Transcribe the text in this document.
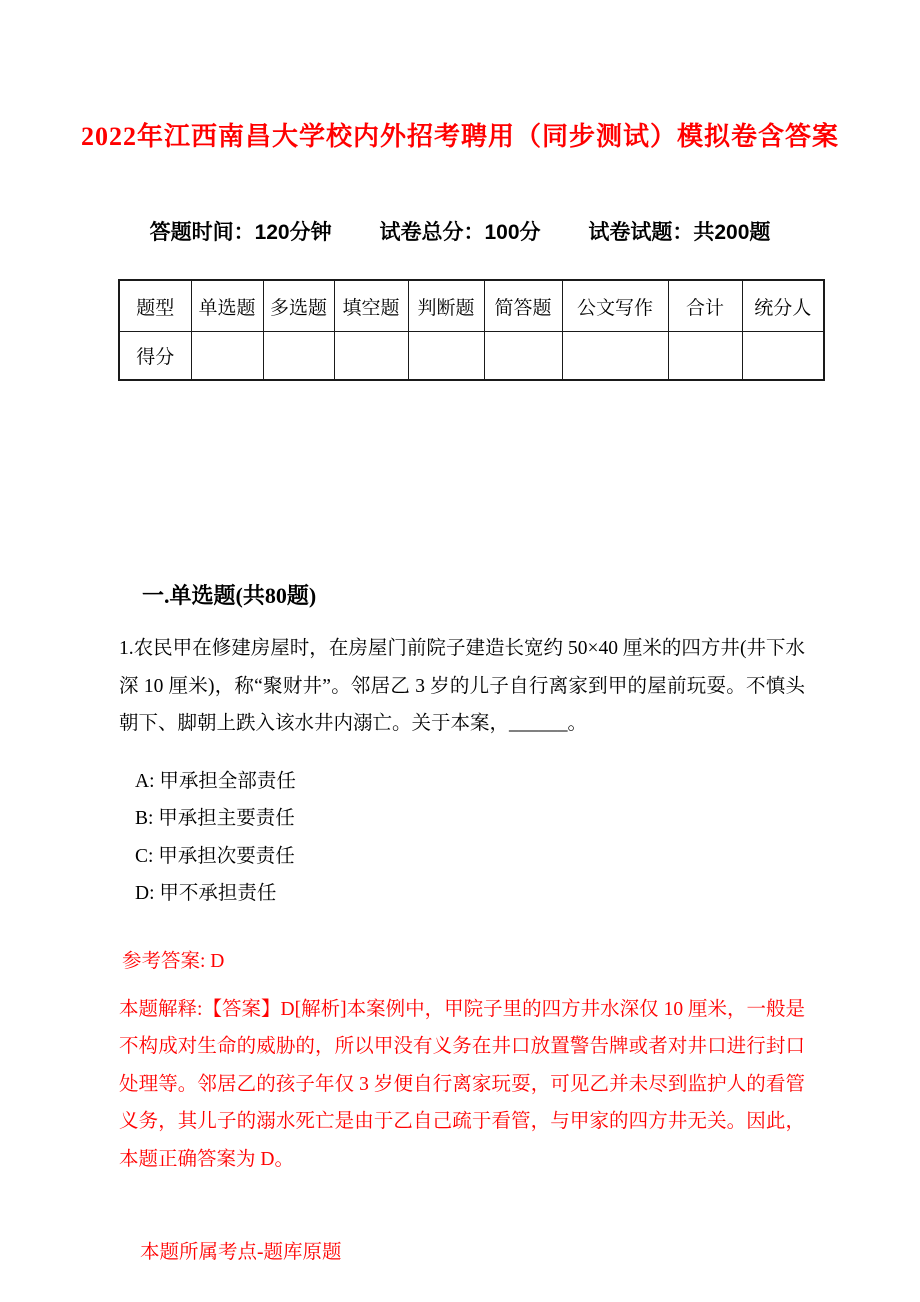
2022年江西南昌大学校内外招考聘用（同步测试）模拟卷含答案
答题时间：120分钟 试卷总分：100分 试卷试题：共200题
题型	单选题	多选题	填空题	判断题	简答题	公文写作	合计	统分人
得分								
一.单选题(共80题)

1.农民甲在修建房屋时，在房屋门前院子建造长宽约 50×40 厘米的四方井(井下水深 10 厘米)，称“聚财井”。邻居乙 3 岁的儿子自行离家到甲的屋前玩耍。不慎头朝下、脚朝上跌入该水井内溺亡。关于本案，______。

A: 甲承担全部责任
B: 甲承担主要责任
C: 甲承担次要责任
D: 甲不承担责任

参考答案: D

本题解释:【答案】D[解析]本案例中，甲院子里的四方井水深仅 10 厘米，一般是不构成对生命的威胁的，所以甲没有义务在井口放置警告牌或者对井口进行封口处理等。邻居乙的孩子年仅 3 岁便自行离家玩耍，可见乙并未尽到监护人的看管义务，其儿子的溺水死亡是由于乙自己疏于看管，与甲家的四方井无关。因此，本题正确答案为 D。

本题所属考点-题库原题
